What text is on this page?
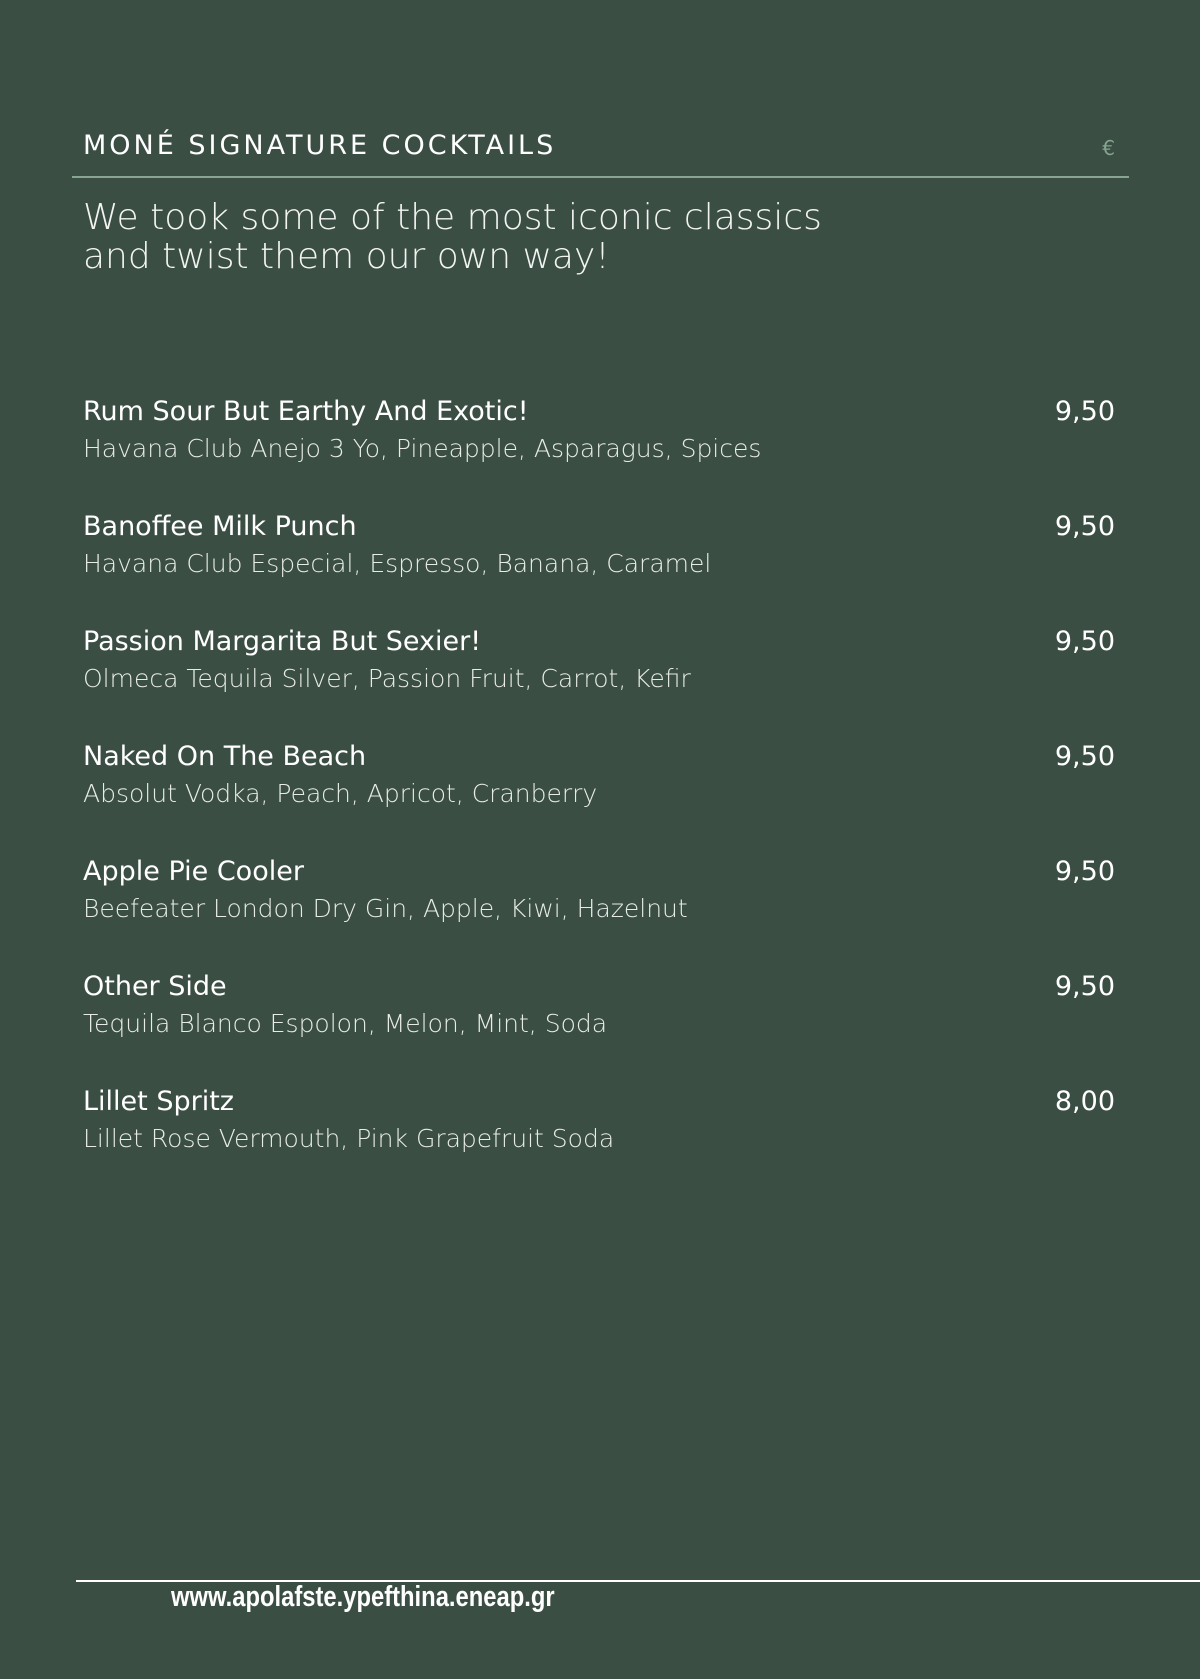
MONÉ SIGNATURE COCKTAILS	€
We took some of the most iconic classics
and twist them our own way!
Rum Sour But Earthy And Exotic!
Havana Club Anejo 3 Yo, Pineapple, Asparagus, Spices
9,50
Banoffee Milk Punch
Havana Club Especial, Espresso, Banana, Caramel
9,50
Passion Margarita But Sexier!
Olmeca Tequila Silver, Passion Fruit, Carrot, Kefir
9,50
Naked On The Beach
Absolut Vodka, Peach, Apricot, Cranberry
9,50
Apple Pie Cooler
Beefeater London Dry Gin, Apple, Kiwi, Hazelnut
9,50
Other Side
Tequila Blanco Espolon, Melon, Mint, Soda
9,50
Lillet Spritz
Lillet Rose Vermouth, Pink Grapefruit Soda
8,00
www.apolafste.ypefthina.eneap.gr
